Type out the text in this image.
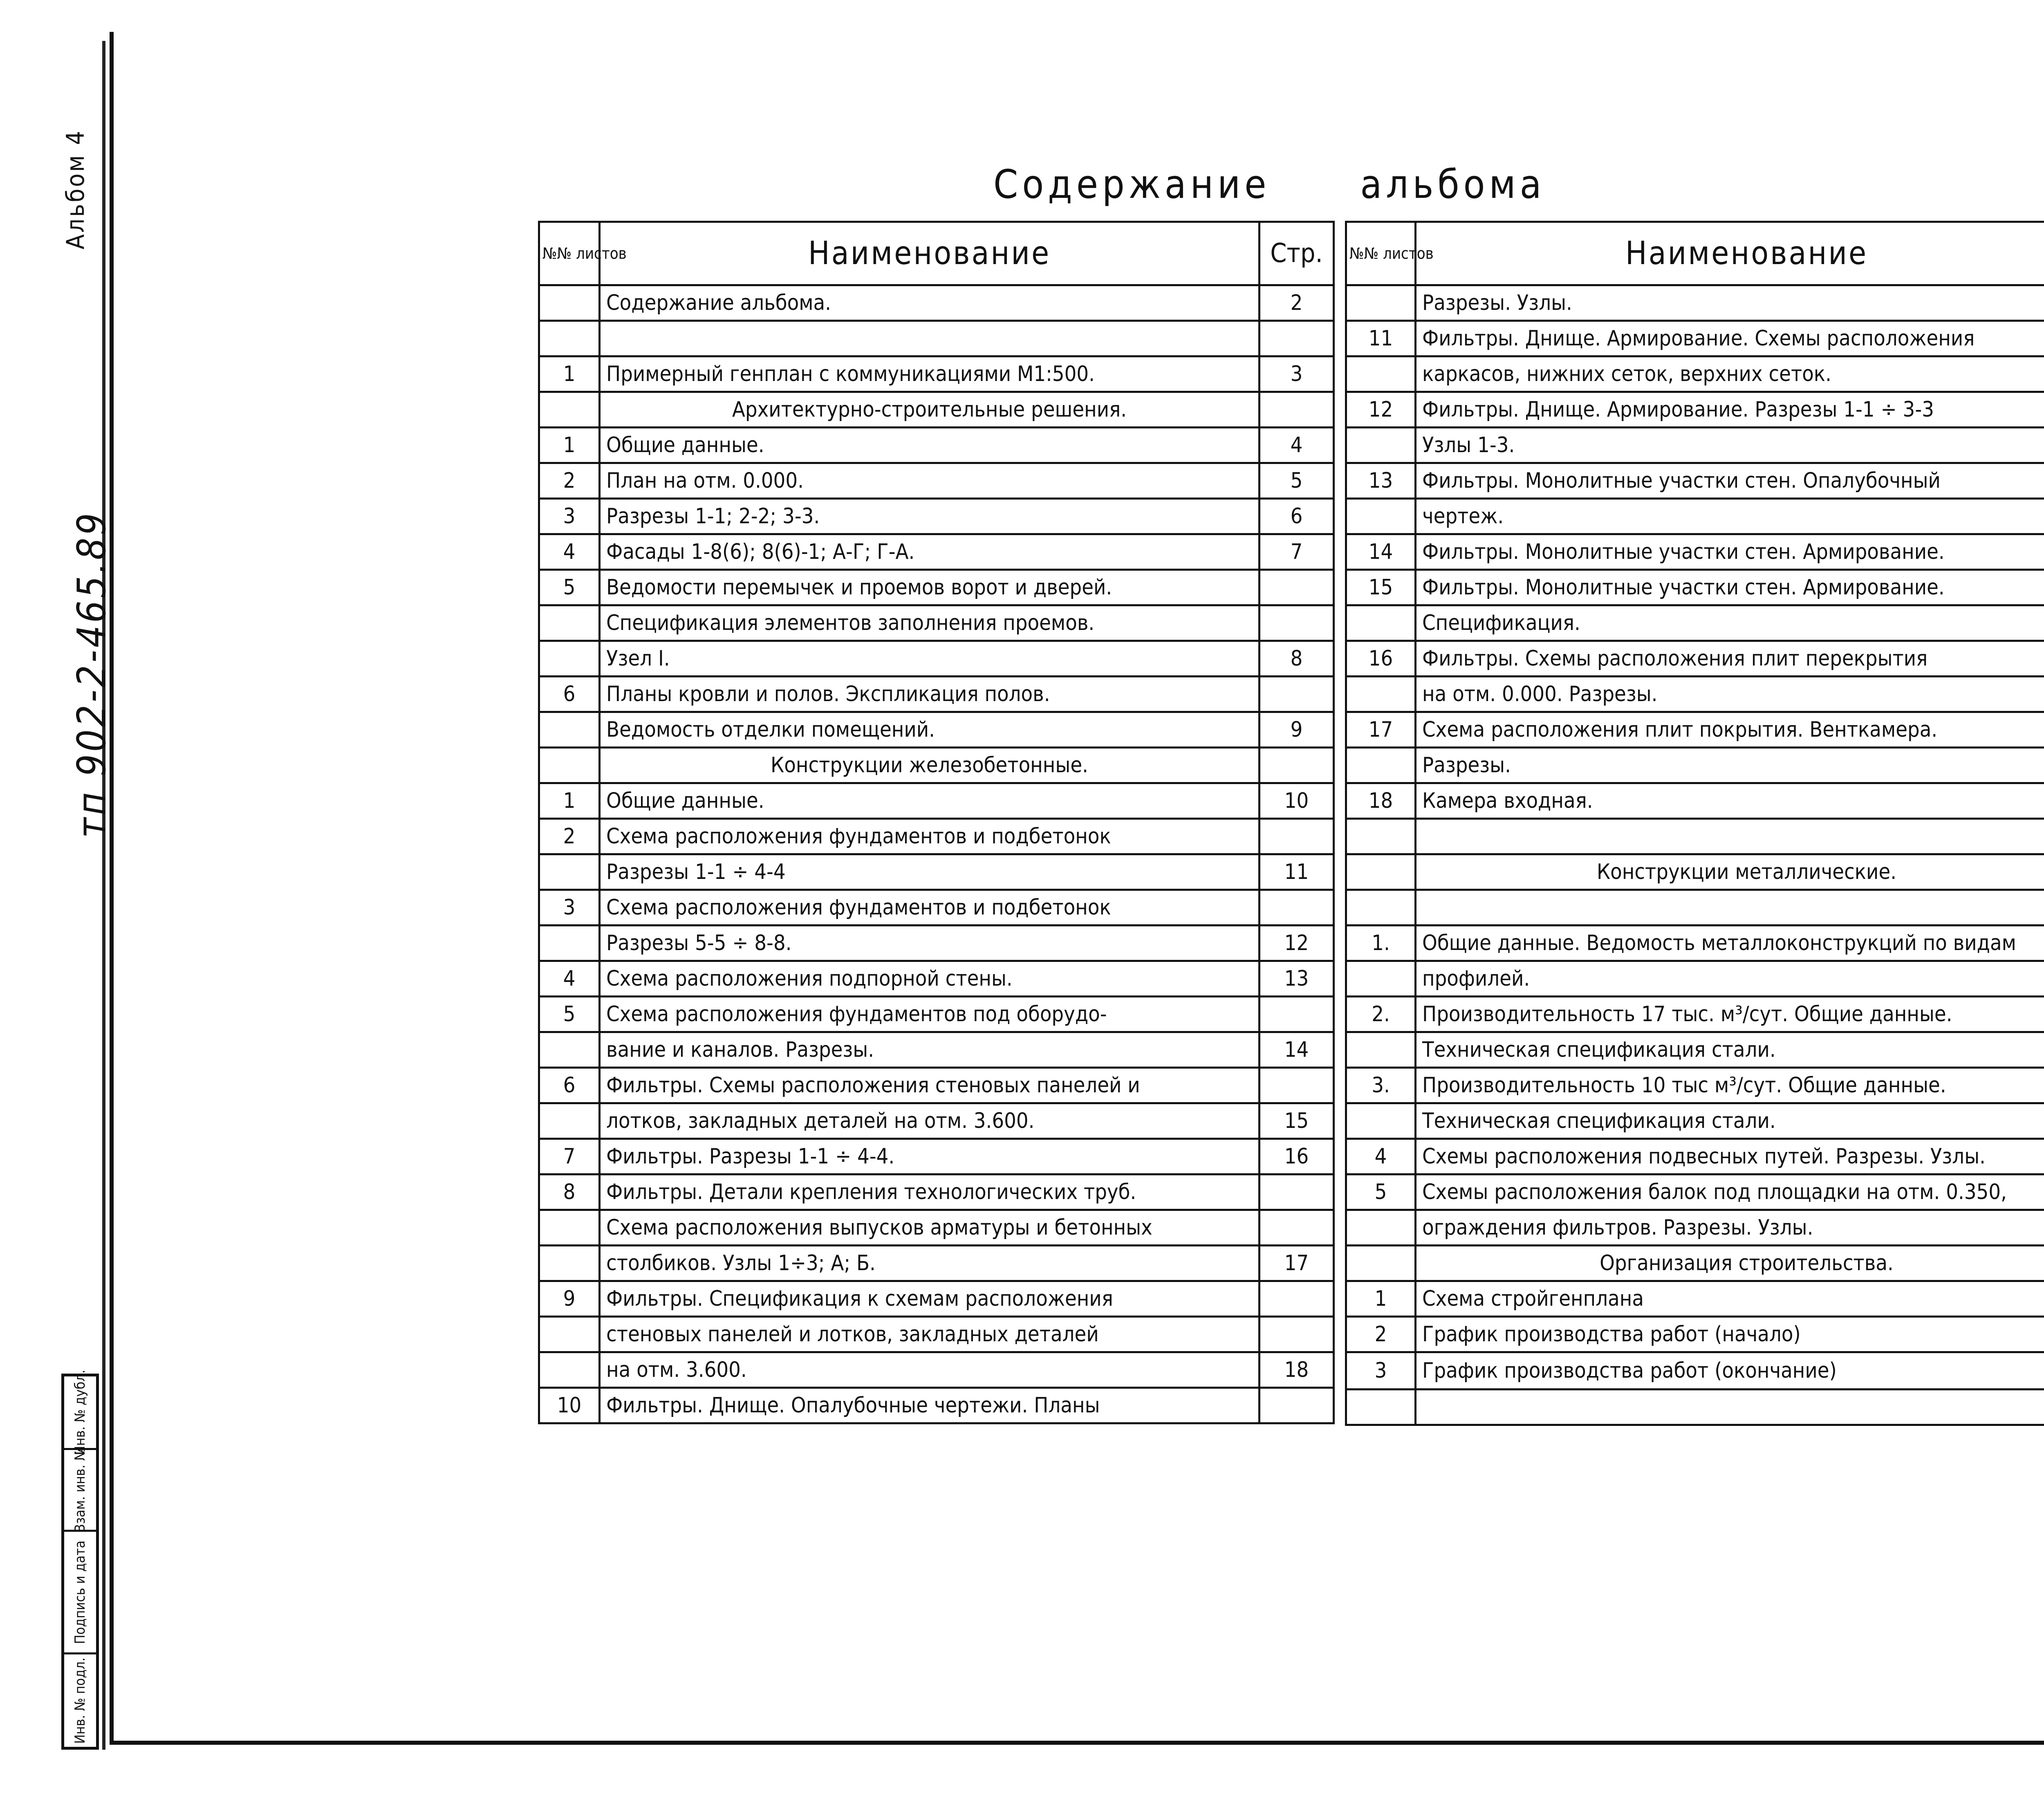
Альбом 4
тп 902-2-465.89
Инв. № дубл.
Взам. инв. №
Подпись и дата
Инв. № подл.
Содержание альбома
№№ листов	Наименование	Стр.
	Содержание альбома.	2

1	Примерный генплан с коммуникациями М1:500.	3
	Архитектурно-строительные решения.	
1	Общие данные.	4
2	План на отм. 0.000.	5
3	Разрезы 1-1; 2-2; 3-3.	6
4	Фасады 1-8(6); 8(6)-1; А-Г; Г-А.	7
5	Ведомости перемычек и проемов ворот и дверей.	
	Спецификация элементов заполнения проемов.	
	Узел I.	8
6	Планы кровли и полов. Экспликация полов.	
	Ведомость отделки помещений.	9
	Конструкции железобетонные.	
1	Общие данные.	10
2	Схема расположения фундаментов и подбетонок	
	Разрезы 1-1 ÷ 4-4	11
3	Схема расположения фундаментов и подбетонок	
	Разрезы 5-5 ÷ 8-8.	12
4	Схема расположения подпорной стены.	13
5	Схема расположения фундаментов под оборудо-	
	вание и каналов. Разрезы.	14
6	Фильтры. Схемы расположения стеновых панелей и	
	лотков, закладных деталей на отм. 3.600.	15
7	Фильтры. Разрезы 1-1 ÷ 4-4.	16
8	Фильтры. Детали крепления технологических труб.	
	Схема расположения выпусков арматуры и бетонных	
	столбиков. Узлы 1÷3; А; Б.	17
9	Фильтры. Спецификация к схемам расположения	
	стеновых панелей и лотков, закладных деталей	
	на отм. 3.600.	18
10	Фильтры. Днище. Опалубочные чертежи. Планы	
№№ листов	Наименование	
	Разрезы. Узлы.	
11	Фильтры. Днище. Армирование. Схемы расположения	
	каркасов, нижних сеток, верхних сеток.	
12	Фильтры. Днище. Армирование. Разрезы 1-1 ÷ 3-3	
	Узлы 1-3.	
13	Фильтры. Монолитные участки стен. Опалубочный	
	чертеж.	
14	Фильтры. Монолитные участки стен. Армирование.	
15	Фильтры. Монолитные участки стен. Армирование.	
	Спецификация.	
16	Фильтры. Схемы расположения плит перекрытия	
	на отм. 0.000. Разрезы.	
17	Схема расположения плит покрытия. Венткамера.	
	Разрезы.	
18	Камера входная.	

	Конструкции металлические.	

1.	Общие данные. Ведомость металлоконструкций по видам	
	профилей.	
2.	Производительность 17 тыс. м³/сут. Общие данные.	
	Техническая спецификация стали.	
3.	Производительность 10 тыс м³/сут. Общие данные.	
	Техническая спецификация стали.	
4	Схемы расположения подвесных путей. Разрезы. Узлы.	
5	Схемы расположения балок под площадки на отм. 0.350,	
	ограждения фильтров. Разрезы. Узлы.	
	Организация строительства.	
1	Схема стройгенплана	
2	График производства работ (начало)	
3	График производства работ (окончание)	
